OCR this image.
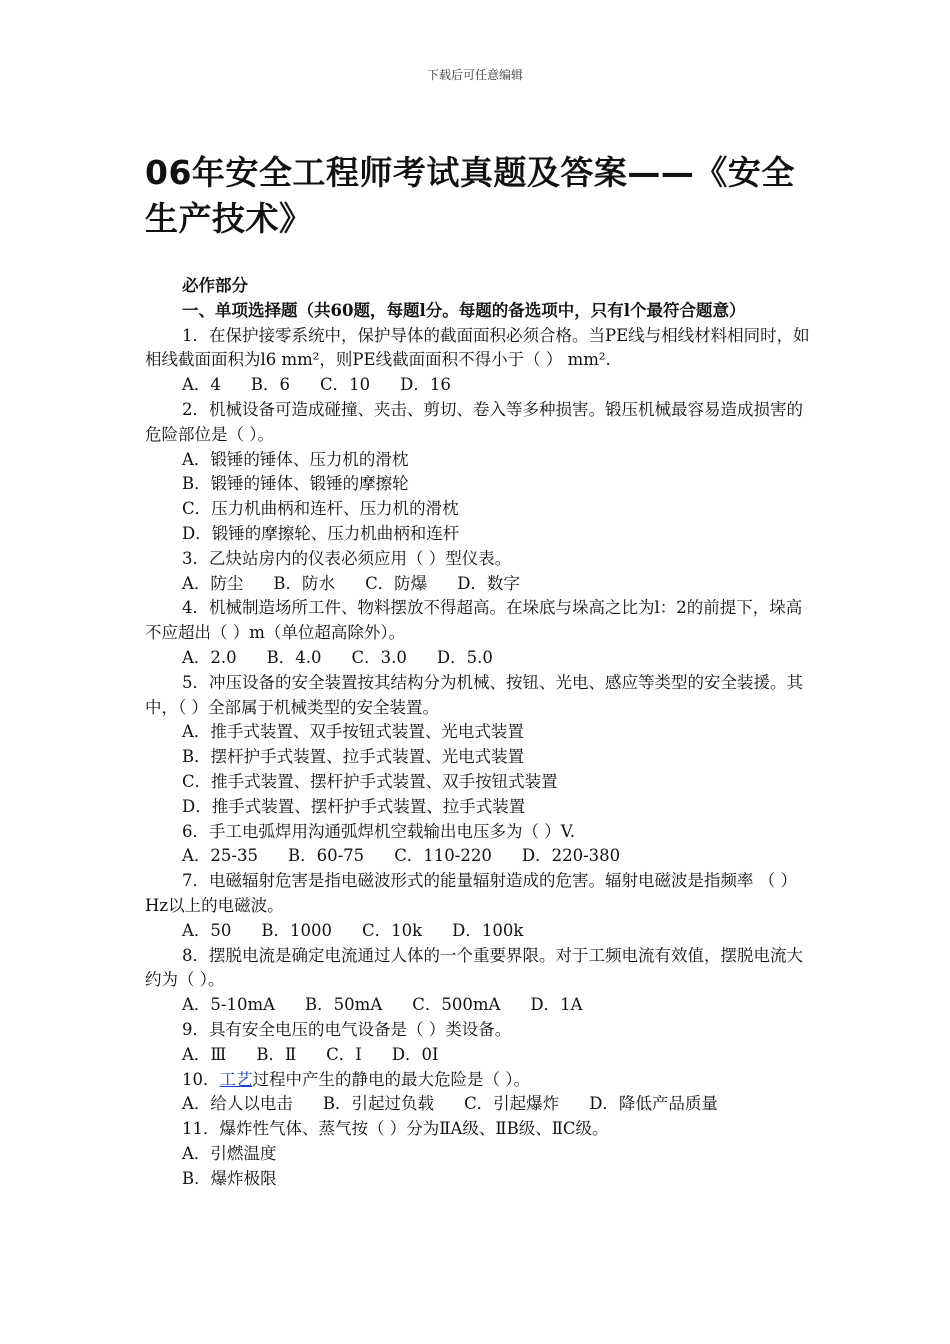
下载后可任意编辑
06年安全工程师考试真题及答案——《安全生产技术》
必作部分
一、单项选择题（共60题，每题l分。每题的备选项中，只有l个最符合题意）
1．在保护接零系统中，保护导体的截面面积必须合格。当PE线与相线材料相同时，如相线截面面积为l6 mm²，则PE线截面面积不得小于（ ） mm².
A．4 B．6 C．10 D．16
2．机械设备可造成碰撞、夹击、剪切、卷入等多种损害。锻压机械最容易造成损害的危险部位是（ ）。
A．锻锤的锤体、压力机的滑枕
B．锻锤的锤体、锻锤的摩擦轮
C．压力机曲柄和连杆、压力机的滑枕
D．锻锤的摩擦轮、压力机曲柄和连杆
3．乙炔站房内的仪表必须应用（ ）型仪表。
A．防尘 B．防水 C．防爆 D．数字
4．机械制造场所工件、物料摆放不得超高。在垛底与垛高之比为l：2的前提下，垛高不应超出（ ）m（单位超高除外）。
A．2.0 B．4.0 C．3.0 D．5.0
5．冲压设备的安全装置按其结构分为机械、按钮、光电、感应等类型的安全装援。其中，（ ）全部属于机械类型的安全装置。
A．推手式装置、双手按钮式装置、光电式装置
B．摆杆护手式装置、拉手式装置、光电式装置
C．推手式装置、摆杆护手式装置、双手按钮式装置
D．推手式装置、摆杆护手式装置、拉手式装置
6．手工电弧焊用沟通弧焊机空载输出电压多为（ ）V.
A．25-35 B．60-75 C．110-220 D．220-380
7．电磁辐射危害是指电磁波形式的能量辐射造成的危害。辐射电磁波是指频率 （ ）Hz以上的电磁波。
A．50 B．1000 C．10k D．100k
8．摆脱电流是确定电流通过人体的一个重要界限。对于工频电流有效值，摆脱电流大约为（ ）。
A．5-10mA B．50mA C．500mA D．1A
9．具有安全电压的电气设备是（ ）类设备。
A．Ⅲ B．Ⅱ C．I D．0I
10．工艺过程中产生的静电的最大危险是（ ）。
A．给人以电击 B．引起过负载 C．引起爆炸 D．降低产品质量
11．爆炸性气体、蒸气按（ ）分为ⅡA级、ⅡB级、ⅡC级。
A．引燃温度
B．爆炸极限
